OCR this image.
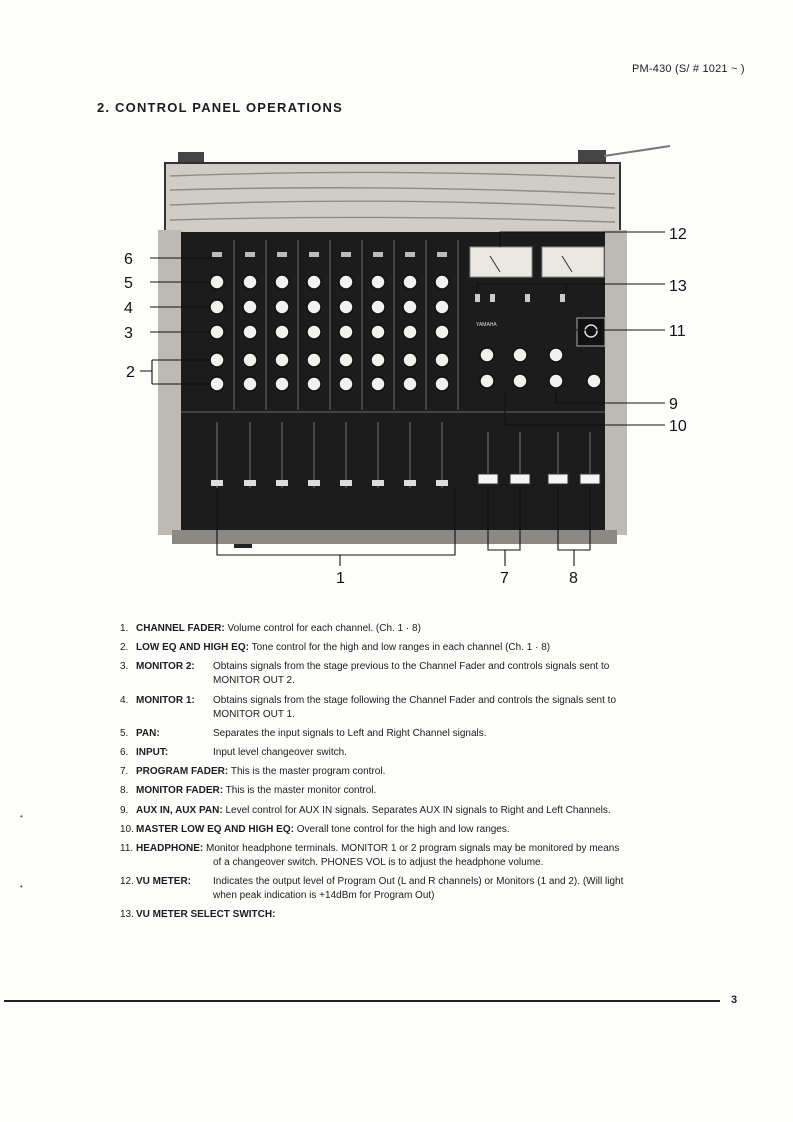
PM-430 (S/ # 1021 ~ )
2. CONTROL PANEL OPERATIONS
YAMAHA
6
5
4
3
2
1	7	8
12
13
11
9
10
1. CHANNEL FADER: Volume control for each channel. (Ch. 1 · 8)
2. LOW EQ AND HIGH EQ: Tone control for the high and low ranges in each channel (Ch. 1 · 8)
3. MONITOR 2: Obtains signals from the stage previous to the Channel Fader and controls signals sent to
MONITOR OUT 2.
4. MONITOR 1: Obtains signals from the stage following the Channel Fader and controls the signals sent to
MONITOR OUT 1.
5. PAN:	Separates the input signals to Left and Right Channel signals.
6. INPUT:	Input level changeover switch.
7. PROGRAM FADER: This is the master program control.
8. MONITOR FADER: This is the master monitor control.
9. AUX IN, AUX PAN: Level control for AUX IN signals. Separates AUX IN signals to Right and Left Channels.
10. MASTER LOW EQ AND HIGH EQ: Overall tone control for the high and low ranges.
11. HEADPHONE: Monitor headphone terminals. MONITOR 1 or 2 program signals may be monitored by means
of a changeover switch. PHONES VOL is to adjust the headphone volume.
12. VU METER: Indicates the output level of Program Out (L and R channels) or Monitors (1 and 2). (Will light
when peak indication is +14dBm for Program Out)
13. VU METER SELECT SWITCH:
•
•
3
